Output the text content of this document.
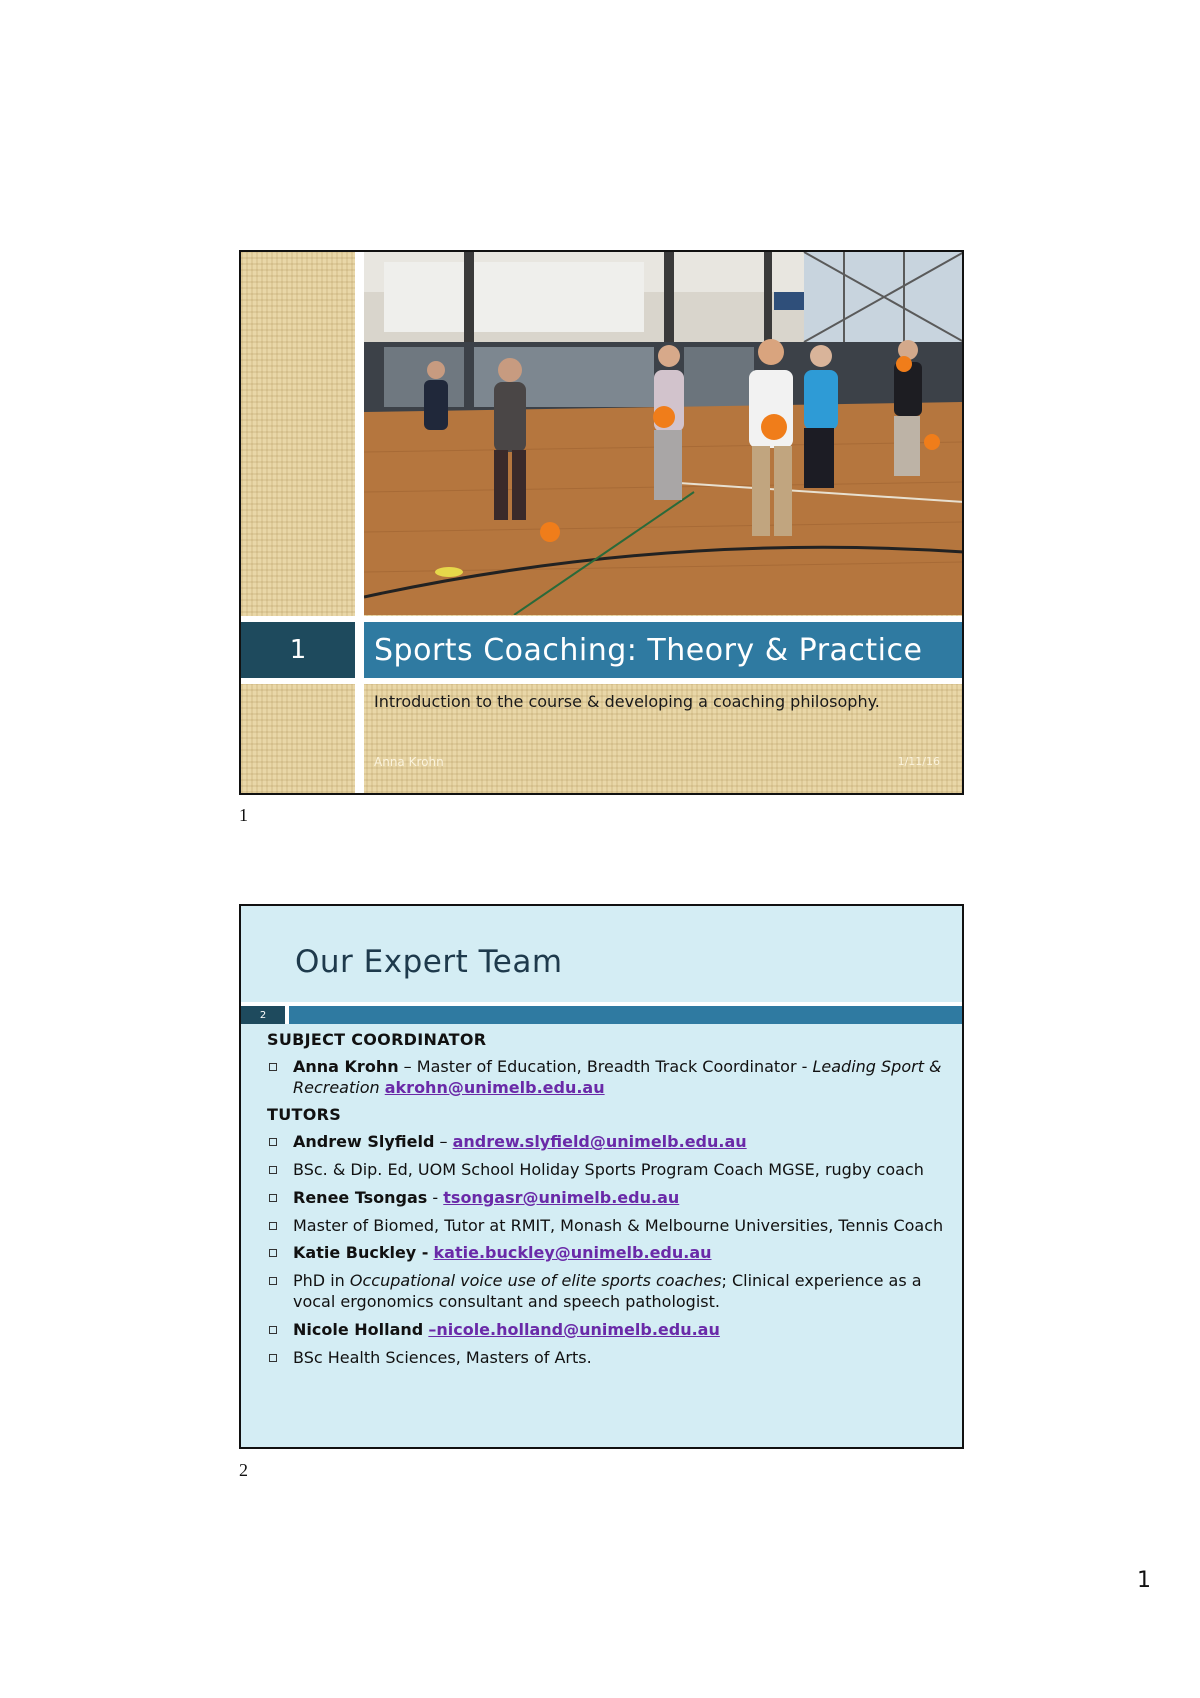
1	Sports Coaching: Theory & Practice
Introduction to the course & developing a coaching philosophy.
Anna Krohn	1/11/16
1
Our Expert Team
2
SUBJECT COORDINATOR
Anna Krohn – Master of Education, Breadth Track Coordinator - Leading Sport & Recreation akrohn@unimelb.edu.au
TUTORS
Andrew Slyfield – andrew.slyfield@unimelb.edu.au
BSc. & Dip. Ed, UOM School Holiday Sports Program Coach MGSE, rugby coach
Renee Tsongas - tsongasr@unimelb.edu.au
Master of Biomed, Tutor at RMIT, Monash & Melbourne Universities, Tennis Coach
Katie Buckley - katie.buckley@unimelb.edu.au
PhD in Occupational voice use of elite sports coaches; Clinical experience as a vocal ergonomics consultant and speech pathologist.
Nicole Holland –nicole.holland@unimelb.edu.au
BSc Health Sciences, Masters of Arts.
2
1
